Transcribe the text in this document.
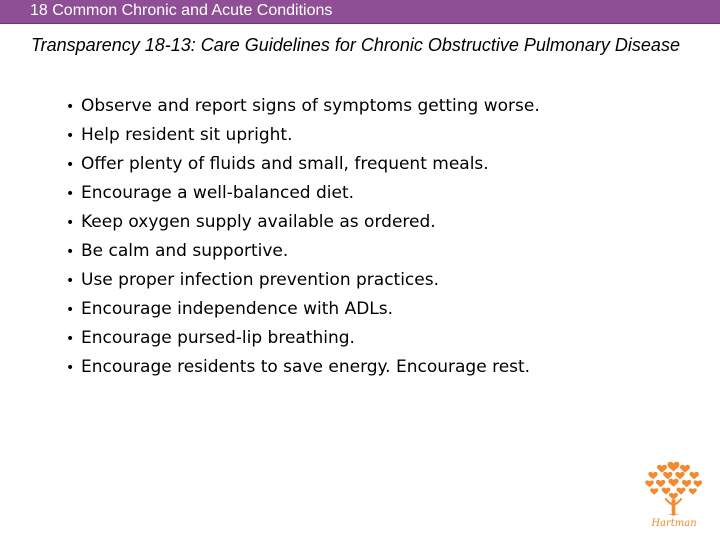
18 Common Chronic and Acute Conditions
Transparency 18-13: Care Guidelines for Chronic Obstructive Pulmonary Disease
• Observe and report signs of symptoms getting worse.
• Help resident sit upright.
• Offer plenty of fluids and small, frequent meals.
• Encourage a well-balanced diet.
• Keep oxygen supply available as ordered.
• Be calm and supportive.
• Use proper infection prevention practices.
• Encourage independence with ADLs.
• Encourage pursed-lip breathing.
• Encourage residents to save energy. Encourage rest.
Hartman
